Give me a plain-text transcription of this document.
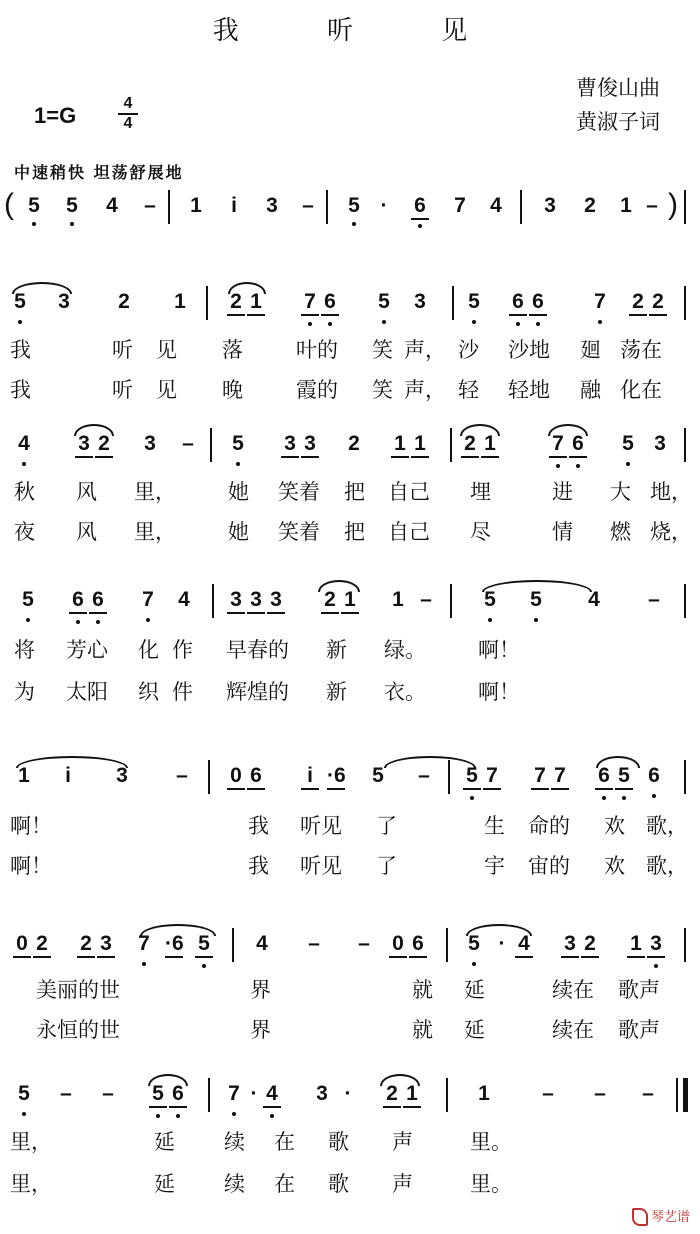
我 听 见
曹俊山曲
黄淑子词
1=G	4
4
中速稍快 坦荡舒展地
( 5 5 4 – 1 i 3 – 5 · 6 7 4 3 2 1 – )
5 3 2 1 2 1 7 6 5 3 5 6 6 7 2 2
我	听 见 落	叶的 笑 声， 沙 沙地 廻 荡在
我	听 见 晚	霞的 笑 声， 轻 轻地 融 化在
4 3 2 3 – 5 3 3 2 1 1 2 1	7 6 5 3
秋 风 里， 她 笑着 把 自己 埋	进 大 地，
夜 风 里， 她 笑着 把 自己 尽	情 燃 烧，
5 6 6 7 4 3 3 3 2 1 1 – 5 5 4 –
将 芳心 化 作 早春的 新 绿。 啊！
为 太阳 织 件 辉煌的 新 衣。 啊！
1 i 3 – 0 6 i ·6 5 – 5 7 7 7 6 5 6
啊！	我 听见 了	生 命的 欢 歌，
啊！	我 听见 了	宇 宙的 欢 歌，
0 2 2 3 7 ·6 5 4 – – 0 6 5 · 4 3 2 1 3
美丽的世	界	就 延	续在 歌声
永恒的世	界	就 延	续在 歌声
5 – – 5 6 7 · 4 3 · 2 1	1 – – –
里，	延 续 在 歌 声	里。
里，	延 续 在 歌 声	里。
琴艺谱
